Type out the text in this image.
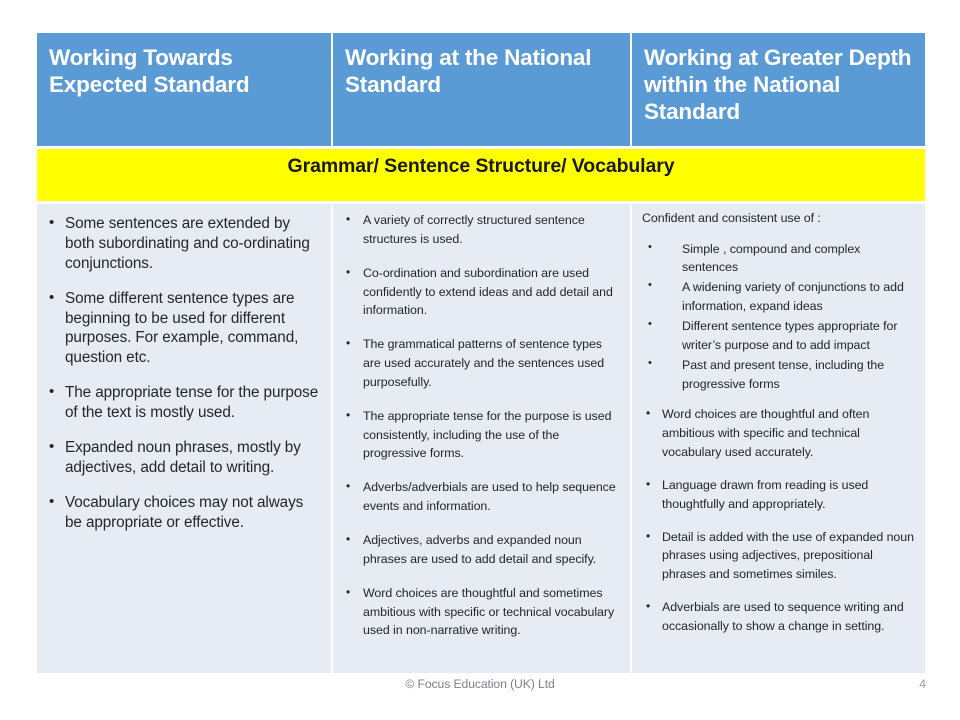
Working Towards Expected Standard
Working at the National Standard
Working at Greater Depth within the National Standard
Grammar/ Sentence Structure/ Vocabulary
• Some sentences are extended by both subordinating and co-ordinating conjunctions.
• Some different sentence types are beginning to be used for different purposes. For example, command, question etc.
• The appropriate tense for the purpose of the text is mostly used.
• Expanded noun phrases, mostly by adjectives, add detail to writing.
• Vocabulary choices may not always be appropriate or effective.
• A variety of correctly structured sentence structures is used.
• Co-ordination and subordination are used confidently to extend ideas and add detail and information.
• The grammatical patterns of sentence types are used accurately and the sentences used purposefully.
• The appropriate tense for the purpose is used consistently, including the use of the progressive forms.
• Adverbs/adverbials are used to help sequence events and information.
• Adjectives, adverbs and expanded noun phrases are used to add detail and specify.
• Word choices are thoughtful and sometimes ambitious with specific or technical vocabulary used in non-narrative writing.

Confident and consistent use of :

• Simple , compound and complex sentences
• A widening variety of conjunctions to add information, expand ideas
• Different sentence types appropriate for writer’s purpose and to add impact
• Past and present tense, including the progressive forms
• Word choices are thoughtful and often ambitious with specific and technical vocabulary used accurately.
• Language drawn from reading is used thoughtfully and appropriately.
• Detail is added with the use of expanded noun phrases using adjectives, prepositional phrases and sometimes similes.
• Adverbials are used to sequence writing and occasionally to show a change in setting.
© Focus Education (UK) Ltd	4
